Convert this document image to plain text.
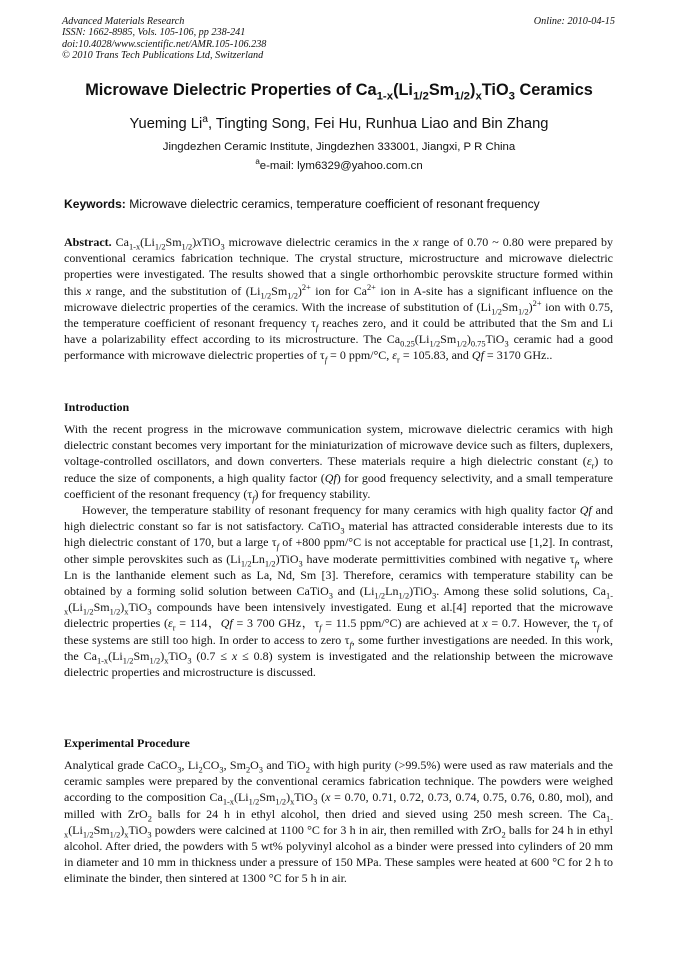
Advanced Materials Research
ISSN: 1662-8985, Vols. 105-106, pp 238-241
doi:10.4028/www.scientific.net/AMR.105-106.238
© 2010 Trans Tech Publications Ltd, Switzerland
Online: 2010-04-15
Microwave Dielectric Properties of $Ca_{1-x}(Li_{1/2}Sm_{1/2})_xTiO_3$ Ceramics
Yueming Li$^a$, Tingting Song, Fei Hu, Runhua Liao and Bin Zhang
Jingdezhen Ceramic Institute, Jingdezhen 333001, Jiangxi, P R China
$^a$e-mail: lym6329@yahoo.com.cn
Keywords: Microwave dielectric ceramics, temperature coefficient of resonant frequency

Abstract. $Ca_{1-x}(Li_{1/2}Sm_{1/2})xTiO_3$ microwave dielectric ceramics in the x range of 0.70 ~ 0.80 were prepared by conventional ceramics fabrication technique. The crystal structure, microstructure and microwave dielectric properties were investigated. The results showed that a single orthorhombic perovskite structure formed within this x range, and the substitution of $(Li_{1/2}Sm_{1/2})^{2+}$ ion for $Ca^{2+}$ ion in A-site has a significant influence on the microwave dielectric properties of the ceramics. With the increase of substitution of $(Li_{1/2}Sm_{1/2})^{2+}$ ion with 0.75, the temperature coefficient of resonant frequency $\tau_f$ reaches zero, and it could be attributed that the Sm and Li have a polarizability effect according to its microstructure. The $Ca_{0.25}(Li_{1/2}Sm_{1/2})_{0.75}TiO_3$ ceramic had a good performance with microwave dielectric properties of $\tau_f = 0$ ppm/°C, $\varepsilon_r = 105.83$, and Qf = 3170 GHz..

Introduction

With the recent progress in the microwave communication system, microwave dielectric ceramics with high dielectric constant becomes very important for the miniaturization of microwave device such as filters, duplexers, voltage-controlled oscillators, and down converters. These materials require a high dielectric constant $(\varepsilon_r)$ to reduce the size of components, a high quality factor (Qf) for good frequency selectivity, and a small temperature coefficient of the resonant frequency $(\tau_f)$ for frequency stability.

However, the temperature stability of resonant frequency for many ceramics with high quality factor Qf and high dielectric constant so far is not satisfactory. CaTiO$_3$ material has attracted considerable interests due to its high dielectric constant of 170, but a large $\tau_f$ of +800 ppm/°C is not acceptable for practical use [1,2]. In contrast, other simple perovskites such as $(Li_{1/2}Ln_{1/2})TiO_3$ have moderate permittivities combined with negative $\tau_f$, where Ln is the lanthanide element such as La, Nd, Sm [3]. Therefore, ceramics with temperature stability can be obtained by a forming solid solution between CaTiO$_3$ and $(Li_{1/2}Ln_{1/2})TiO_3$. Among these solid solutions, $Ca_{1-x}(Li_{1/2}Sm_{1/2})_xTiO_3$ compounds have been intensively investigated. Eung et al.[4] reported that the microwave dielectric properties ($\varepsilon_r = 114$，Qf = 3 700 GHz，$\tau_f = 11.5$ ppm/°C) are achieved at x = 0.7. However, the $\tau_f$ of these systems are still too high. In order to access to zero $\tau_f$, some further investigations are needed. In this work, the $Ca_{1-x}(Li_{1/2}Sm_{1/2})_xTiO_3$ (0.7 ≤ x ≤ 0.8) system is investigated and the relationship between the microwave dielectric properties and microstructure is discussed.

Experimental Procedure

Analytical grade CaCO$_3$, $Li_2CO_3$, $Sm_2O_3$ and TiO$_2$ with high purity (>99.5%) were used as raw materials and the ceramic samples were prepared by the conventional ceramics fabrication technique. The powders were weighed according to the composition $Ca_{1-x}(Li_{1/2}Sm_{1/2})_xTiO_3$ (x = 0.70, 0.71, 0.72, 0.73, 0.74, 0.75, 0.76, 0.80, mol), and milled with ZrO$_2$ balls for 24 h in ethyl alcohol, then dried and sieved using 250 mesh screen. The $Ca_{1-x}(Li_{1/2}Sm_{1/2})_xTiO_3$ powders were calcined at 1100 °C for 3 h in air, then remilled with ZrO$_2$ balls for 24 h in ethyl alcohol. After dried, the powders with 5 wt% polyvinyl alcohol as a binder were pressed into cylinders of 20 mm in diameter and 10 mm in thickness under a pressure of 150 MPa. These samples were heated at 600 °C for 2 h to eliminate the binder, then sintered at 1300 °C for 5 h in air.
